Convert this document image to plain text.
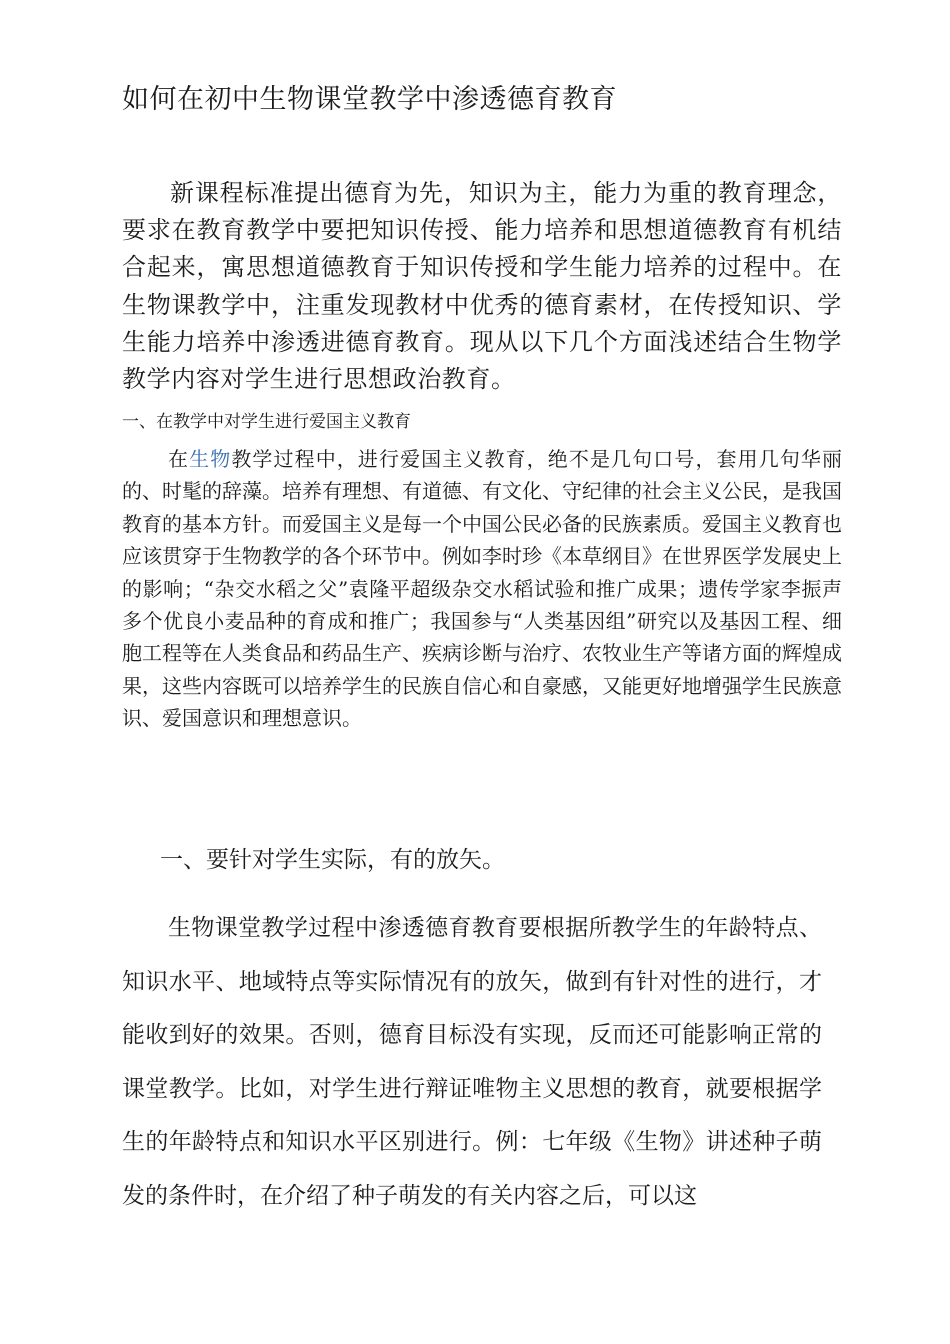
如何在初中生物课堂教学中渗透德育教育

新课程标准提出德育为先，知识为主，能力为重的教育理念，要求在教育教学中要把知识传授、能力培养和思想道德教育有机结合起来，寓思想道德教育于知识传授和学生能力培养的过程中。在生物课教学中，注重发现教材中优秀的德育素材，在传授知识、学生能力培养中渗透进德育教育。现从以下几个方面浅述结合生物学教学内容对学生进行思想政治教育。

一、在教学中对学生进行爱国主义教育

在生物教学过程中，进行爱国主义教育，绝不是几句口号，套用几句华丽的、时髦的辞藻。培养有理想、有道德、有文化、守纪律的社会主义公民，是我国教育的基本方针。而爱国主义是每一个中国公民必备的民族素质。爱国主义教育也应该贯穿于生物教学的各个环节中。例如李时珍《本草纲目》在世界医学发展史上的影响；“杂交水稻之父”袁隆平超级杂交水稻试验和推广成果；遗传学家李振声多个优良小麦品种的育成和推广；我国参与“人类基因组”研究以及基因工程、细胞工程等在人类食品和药品生产、疾病诊断与治疗、农牧业生产等诸方面的辉煌成果，这些内容既可以培养学生的民族自信心和自豪感，又能更好地增强学生民族意识、爱国意识和理想意识。

一、要针对学生实际，有的放矢。

生物课堂教学过程中渗透德育教育要根据所教学生的年龄特点、知识水平、地域特点等实际情况有的放矢，做到有针对性的进行，才能收到好的效果。否则，德育目标没有实现，反而还可能影响正常的课堂教学。比如，对学生进行辩证唯物主义思想的教育，就要根据学生的年龄特点和知识水平区别进行。例：七年级《生物》讲述种子萌发的条件时，在介绍了种子萌发的有关内容之后，可以这
